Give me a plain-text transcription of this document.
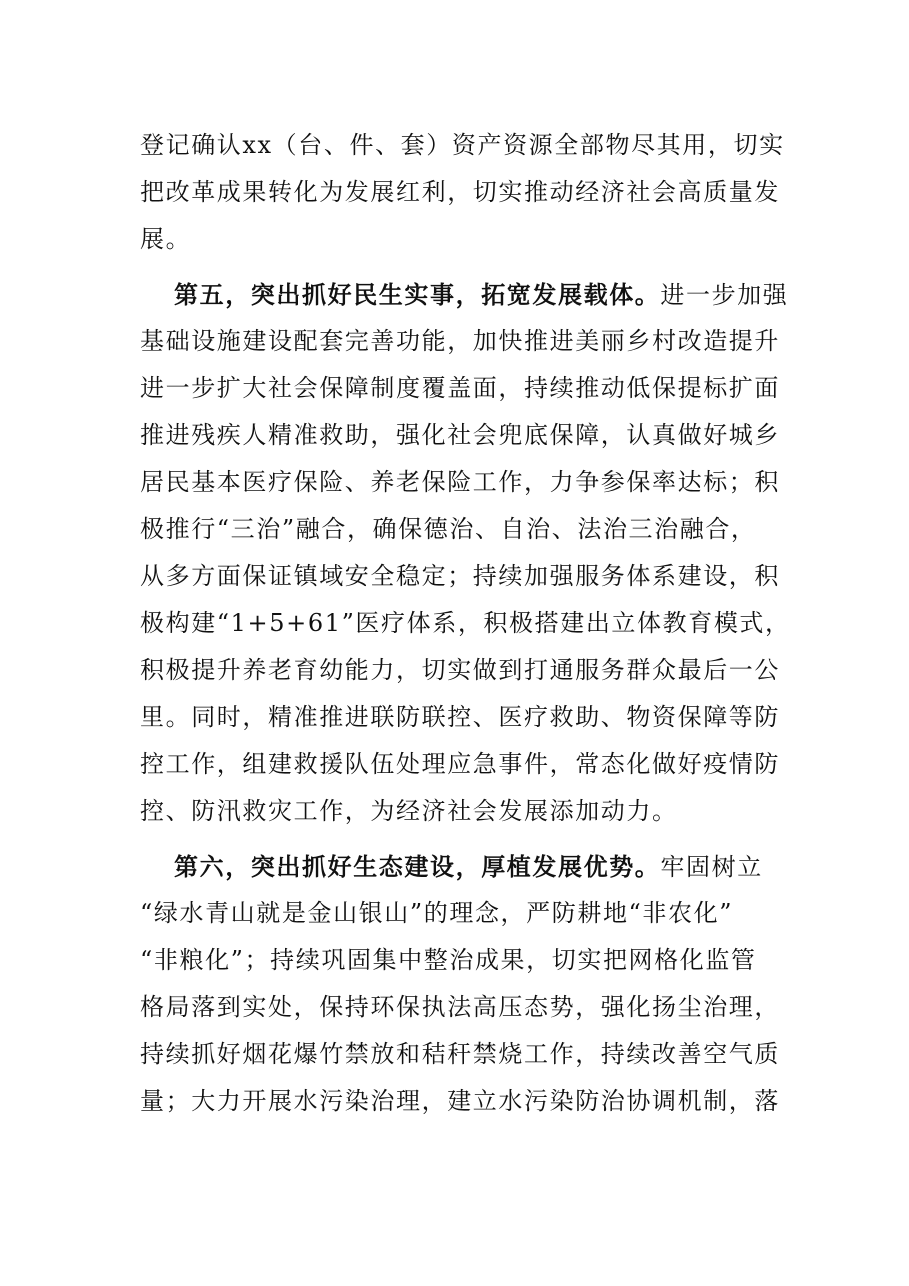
登记确认xx（台、件、套）资产资源全部物尽其用，切实
把改革成果转化为发展红利，切实推动经济社会高质量发
展。
第五，突出抓好民生实事，拓宽发展载体。进一步加强
基础设施建设配套完善功能，加快推进美丽乡村改造提升
进一步扩大社会保障制度覆盖面，持续推动低保提标扩面
推进残疾人精准救助，强化社会兜底保障，认真做好城乡
居民基本医疗保险、养老保险工作，力争参保率达标；积
极推行“三治”融合，确保德治、自治、法治三治融合，
从多方面保证镇域安全稳定；持续加强服务体系建设，积
极构建“1+5+61”医疗体系，积极搭建出立体教育模式，
积极提升养老育幼能力，切实做到打通服务群众最后一公
里。同时，精准推进联防联控、医疗救助、物资保障等防
控工作，组建救援队伍处理应急事件，常态化做好疫情防
控、防汛救灾工作，为经济社会发展添加动力。
第六，突出抓好生态建设，厚植发展优势。牢固树立
“绿水青山就是金山银山”的理念，严防耕地“非农化”
“非粮化”；持续巩固集中整治成果，切实把网格化监管
格局落到实处，保持环保执法高压态势，强化扬尘治理，
持续抓好烟花爆竹禁放和秸秆禁烧工作，持续改善空气质
量；大力开展水污染治理，建立水污染防治协调机制，落
